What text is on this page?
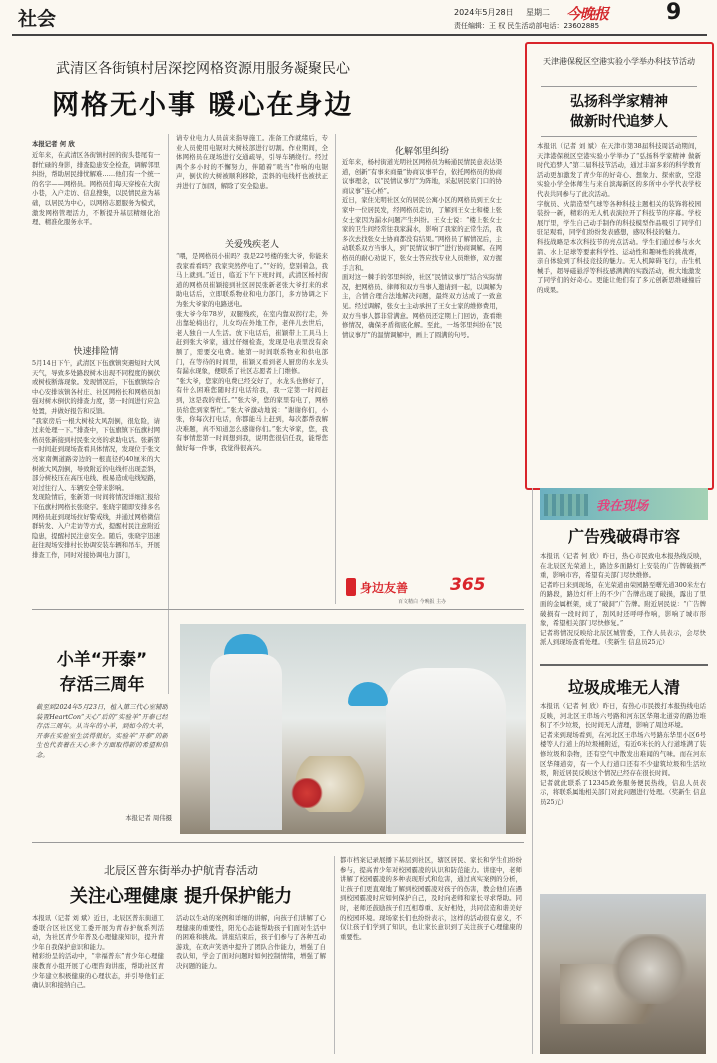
社会	2024年5月28日 星期二 今晚报	9
责任编辑：王 权 民生活动部电话：23602885
武清区各街镇村居深挖网格资源用服务凝聚民心
网格无小事 暖心在身边
本报记者 何 欣
近年来，在武清区各街镇村居的街头巷尾有一群忙碌的身影，排查隐患安全检查，调解邻里纠纷，帮助居民排忧解难……他们有一个统一的名字——网格员。网格员们每天穿梭在大街小巷，入户走访、信息搜集，以民情民意为基础，以居民为中心，以网格志愿服务为模式，激发网格管理活力，不断提升基层精细化治理、精准化服务水平。
快速排险情
5月14日下午，武清区下伍旗镇突遇短时大风天气，导致多处路段树木出现不同程度的倒伏或树枝断落现象。发现情况后，下伍旗镇综合中心安排该镇各村庄、社区网格长和网格员加强对树木倒伏的排查力度，第一时间进行应急处置，并做好报告和反馈。
“我家房后一根大树枝大风刮倒，很危险，请过来处理一下。”排查中，下伍旗镇下伍旗村网格员张新接到村民张文亮的求助电话。张新第一时间赶到现场查看具体情况，发现位于张文亮家南侧道路旁边的一根直径约40厘米的大树被大风刮倒，导致附近的电线杆出现歪斜，部分树枝压在高压电线、极易造成电线短路，对过往行人、车辆安全带来影响。
发现险情后，张新第一时间将情况详细汇报给下伍旗村网格长张晓宇。张晓宇随即安排多名网格员赶到现场拉好警戒线，并通过网格微信群转发、入户走访等方式，提醒村民注意附近隐患，提醒村民注意安全。随后，张晓宇迅速赶往现场安排村长协调安装车辆和吊车，开展排查工作，同时对接协调电力部门，
请专业电力人员前来指导施工。准备工作就绪后，专业人员使用电锯对大树枝部进行切割。作业期间，全体网格员在现场进行交通疏导，引导车辆绕行。经过两个多小时的不懈努力，伴随着“咣当”作响的电锯声，倒伏的大树被顺利移除，歪斜的电线杆也被扶正并进行了加固，解除了安全隐患。
关爱残疾老人
“喂，是网格员小崔吗？我是22号楼的张大爷，你能来我家看看吗？我家突然停电了。”“好的，您别着急，我马上就到。”近日，临近下午下班时间，武清区杨村街道的网格员崔颖接到社区居民张新老张大爷打来的求助电话后，立即联系物业和电力部门，多方协调之下为张大爷家的电路送电。
张大爷今年78岁，双腿残疾，在室内靠双拐行走，外出靠轮椅出行，儿女均在外地工作，老伴儿去世后，老人独自一人生活。放下电话后，崔颖带上工具马上赶到张大爷家，通过仔细检查，发现是电表里没有余额了，需要交电费。她第一时间联系物业和供电部门，在等待的时间里，崔颖又看到老人厨房的水龙头有漏水现象，便联系了社区志愿者上门维修。
“张大爷，您家的电费已经交好了，水龙头也修好了，有什么困难您随时打电话给我，我一定第一时间赶到，这是我的责任。”“张大爷，您的家里有电了，网格员给您到家帮忙。”张大爷激动地说：“谢谢你们，小张，你每次打电话，你都能马上赶到，每次都帮我解决难题，真不知道怎么感谢你们。”张大爷家，您，我有事情您第一时间想到我，说明您很信任我，能帮您做好每一件事，我觉得很高兴。
化解邻里纠纷
近年来，杨村街道光明社区网格员为畅通民情民意表达渠道，创新“有事来商量”协商议事平台，依托网格员的协商议事理念，以“民情议事厅”为阵地，采起居民家门口的协商议事“连心桥”。
近日，家住光明社区女的居民公寓小区的网格员到王女士家中一位居民发，经网格员走访，了解到王女士和楼上张女士家因为漏水问题产生纠纷。王女士说：“楼上张女士家的卫生间经常往我家漏水，影响了我家的正常生活，我多次去找张女士协商都没有结果。”网格员了解情况后，主动联系双方当事人，到“民情议事厅”进行协商调解。在网格员的耐心劝说下，张女士答应找专业人员维修，双方握手言和。
面对这一棘手的邻里纠纷，社区“民情议事厅”结合实际情况，把网格员、律师和双方当事人邀请到一起，以调解为主，合情合理合法地解决问题，最终双方达成了一致意见。经过调解，张女士主动承担了王女士家的维修费用，双方当事人都非常满意。网格员还定期上门回访，查看维修情况，确保矛盾彻底化解。至此，一场邻里纠纷在“民情议事厅”的温情调解中，画上了圆满的句号。
身边友善 365
百文精白 今晚报 主办
天津港保税区空港实验小学举办科技节活动
弘扬科学家精神
做新时代追梦人
本报讯（记者 刘 斌）在天津市第38届科技周活动期间，天津港保税区空港实验小学举办了“弘扬科学家精神 做新时代追梦人”第二届科技节活动，通过丰富多彩的科学教育活动更加激发了青少年的好奇心、想象力、探索欲，空港实验小学全体师生与来自滨海新区的多所中小学代表学校代表共同参与了此次活动。
字航员、火箭造型气球等各种科技主题相关的装饰将校园装扮一新，精彩的无人机表演拉开了科技节的序幕。学校展厅里，学生自己动手制作的科技模型作品吸引了同学们驻足观看，同学们纷纷发表感想，感叹科技的魅力。
科技战略是本次科技节的亮点活动。学生们通过参与水火箭、水上足球等要素科学性、运动性和趣味性的挑战赛，亲自体验到了科技竞技的魅力。无人机障碍飞行，击生机械手，超导磁悬浮等科技感满满的实践活动，极大地激发了同学们的好奇心。更能让他们有了多元创新思维碰撞后的成果。
我在现场
广告残破碍市容
本报讯（记者 何 欣）昨日，热心市民致电本报热线反映，在北辰区光荣道上，路边多面路灯上安装的广告牌破损严重，影响市容，希望有关部门尽快维修。
记者昨日来到现场，在光荣道由荣园路至曙光道300米左右的路段，路边灯杆上的不少广告牌出现了破损，露出了里面的金属框架，成了“破洞”广告牌。附近居民说：“广告牌破损有一段时间了，刮风时还呼呼作响，影响了城市形象，希望相关部门尽快修复。”
记者将情况反映给北辰区城管委，工作人员表示，会尽快派人到现场查看处理。（奖新生 信息员25元）
垃圾成堆无人清
本报讯（记者 何 欣）昨日，有热心市民拨打本报热线电话反映，河北区王串场六号路和河东区华翔北道旁的路边堆积了不少垃圾，长时间无人清理，影响了周边环境。
记者来到现场看到，在河北区王串场六号路东华里小区6号楼等人行道上的垃圾桶附近，有近6米长的人行道堆满了装修垃圾和杂物，还有空气中散发出难闻的气味。而在河东区华翔道旁，有一个人行道口还有不少建筑垃圾和生活垃圾，附近居民反映这个情况已经存在很长时间。
记者就此联系了12345政务服务便民热线，信息人员表示，将联系属地相关部门对此问题进行处理。（奖新生 信息员25元）
小羊“开泰”
存活三周年
截至到2024年5月23日，植入第三代心室辅助装置HeartCon“天心”后的“实验羊”开泰已经存活三周年。从当年的小羊，到如今的大羊，开泰在实验室生活得很好。实验羊“开泰”的新生也代表着在天心多个方面取得新的希望和信念。
本报记者 周伟摄
北辰区普东街举办护航青春活动
关注心理健康 提升保护能力
本报讯（记者 刘 斌）近日，北辰区普东街道工委联合区社区党工委开展为青春护航系列活动，为社区青少年普及心理健康知识，提升青少年自我保护意识和能力。
精彩纷呈的活动中，“幸福普东”青少年心理健康教育小组开展了心理咨询讲座，帮助社区青少年建立积极健康的心理状态，并引导他们正确认识和接纳自己。
活动以生动的案例和详细的讲解，向孩子们讲解了心理健康的重要性，阳光心态能帮助孩子们面对生活中的困难和挑战。讲座结束后，孩子们参与了各种互动游戏，在欢声笑语中提升了团队合作能力，增强了自我认知，学会了面对问题时如何控制情绪，增强了解决问题的能力。
都市档案记录展播下基层到社区，辖区居民、家长和学生们纷纷参与，提高青少年对校园霸凌的认识和防范能力。讲座中，老师讲解了校园霸凌的多种表现形式和危害，通过真实案例的分析，让孩子们更直观地了解到校园霸凌对孩子的伤害，教会他们在遇到校园霸凌时应如何保护自己，及时向老师和家长寻求帮助。同时，老师还鼓励孩子们互相尊重、友好相处，共同营造和谐美好的校园环境。现场家长们也纷纷表示，这样的活动很有意义，不仅让孩子们学到了知识，也让家长意识到了关注孩子心理健康的重要性。
